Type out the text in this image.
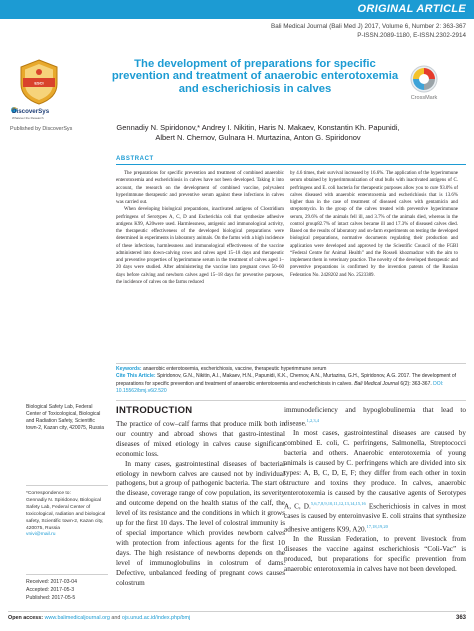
ORIGINAL ARTICLE
Bali Medical Journal (Bali Med J) 2017, Volume 6, Number 2: 363-367
P-ISSN.2089-1180, E-ISSN.2302-2914
ESCI
DiscoverSys
Whatever the Research
Published by DiscoverSys
The development of preparations for specific prevention and treatment of anaerobic enterotoxemia and escherichiosis in calves
CrossMark
Gennadiy N. Spiridonov,* Andrey I. Nikitin, Haris N. Makaev, Konstantin Kh. Papunidi,
Albert N. Chernov, Gulnara H. Murtazina, Anton G. Spiridonov
ABSTRACT

The preparations for specific prevention and treatment of combined anaerobic enterotoxemia and escherichiosis in calves have not been developed. Taking it into account, the research on the development of combined vaccine, polyvalent hyperimmune therapeutic and preventive serum against these infections in calves was carried out.

When developing biological preparations, inactivated antigens of Clostridium perfringens of Serotypes A, C, D and Escherichia coli that synthesize adhesive antigens K99, A20were used. Harmlessness, antigenic and immunological activity, the therapeutic effectiveness of the developed biological preparations were determined in experiments in laboratory animals. On the farms with a high incidence of these infections, harmlessness and immunological effectiveness of the vaccine administered into down-calving cows and calves aged 15–18 days and therapeutic and preventive properties of hyperimmune serum in the treatment of calves aged 1–20 days were studied. After administering the vaccine into pregnant cows 50–60 days before calving and newborn calves aged 15–18 days for preventive purposes, the incidence of calves on the farms reduced

by 4.6 times, their survival increased by 16.6%. The application of the hyperimmune serum obtained by hyperimmunization of stud bulls with inactivated antigens of C. perfringens and E. coli bacteria for therapeutic purposes allow you to cure 93.0% of calves diseased with anaerobic enterotoxemia and escherichiosis that is 13.6% higher than in the case of treatment of diseased calves with gentamicin and streptomycin. In the group of the calves treated with preventive hyperimmune serum, 29.6% of the animals fell ill, and 3.7% of the animals died, whereas in the control group82.7% of intact calves became ill and 17.3% of diseased calves died. Based on the results of laboratory and on-farm experiments on testing the developed biological preparations, normative documents regulating their production and application were developed and approved by the Scientific Council of the FGBI “Federal Centre for Animal Health” and the Rosseli khozmadzor with the aim to implement them in veterinary practice. The novelty of the developed therapeutic and preventive preparations is confirmed by the invention patents of the Russian Federation No. 2428202 and No. 2523389.

Keywords: anaerobic enterotoxemia, escherichiosis, vaccine, therapeutic hyperimmune serum
Cite This Article: Spiridonov, G.N., Nikitin, A.I., Makaev, H.N., Papunidi, K.K., Chernov, A.N., Murtazina, G.H., Spiridonov, A.G. 2017. The development of preparations for specific prevention and treatment of anaerobic enterotoxemia and escherichiosis in calves. Bali Medical Journal 6(2): 363-367. DOI: 10.15562/bmj.v6i2.520
Biological Safety Lab, Federal Center of Toxicological, Biological and Radiation Safety, Scientific town-2, Kazan city, 420075, Russia
*Correspondence to:
Gennadiy N. Spiridonov, Biological Safety Lab, Federal Center of toxicological, radiation and biological safety, Scientific town-2, Kazan city, 420075, Russia
vnivi@mail.ru
Received: 2017-03-04
Accepted: 2017-05-3
Published: 2017-05-5
INTRODUCTION

The practice of cow–calf farms that produce milk both in our country and abroad shows that gastro-intestinal diseases of mixed etiology in calves cause significant economic loss.

In many cases, gastrointestinal diseases of bacterial etiology in newborn calves are caused not by individual pathogens, but a group of pathogenic bacteria. The start of the disease, coverage range of cow population, its severity and outcome depend on the health status of the calf, the level of its resistance and the conditions in which it grows up for the first 10 days. The level of colostral immunity is of special importance which provides newborn calves with protection from infectious agents for the first 10 days. The high resistance of newborns depends on the level of immunoglobulins in colostrum of dams. Defective, unbalanced feeding of pregnant cows causes colostrum

immunodeficiency and hypoglobulinemia that lead to disease.$^{1,2,3,4}$

In most cases, gastrointestinal diseases are caused by combined E. coli, C. perfringens, Salmonella, Streptococci bacteria and others. Anaerobic enterotoxemia of young animals is caused by C. perfringens which are divided into six types: A, B, C, D, E, F; they differ from each other in toxin structure and toxins they produce. In calves, anaerobic enterotoxemia is caused by the causative agents of Serotypes A, C, D.$^{5,6,7,8,9,10,11,12,13,14,15,16}$ Escherichiosis in calves in most cases is caused by enteroinvasive E. coli strains that synthesize adhesive antigens K99, A20.$^{17,18,19,20}$

In the Russian Federation, to prevent livestock from diseases the vaccine against escherichiosis “Coli-Vac” is produced, but preparations for specific prevention from anaerobic enterotoxemia in calves have not been developed.

Open access: www.balimedicaljournal.org and ojs.unud.ac.id/index.php/bmj	363
